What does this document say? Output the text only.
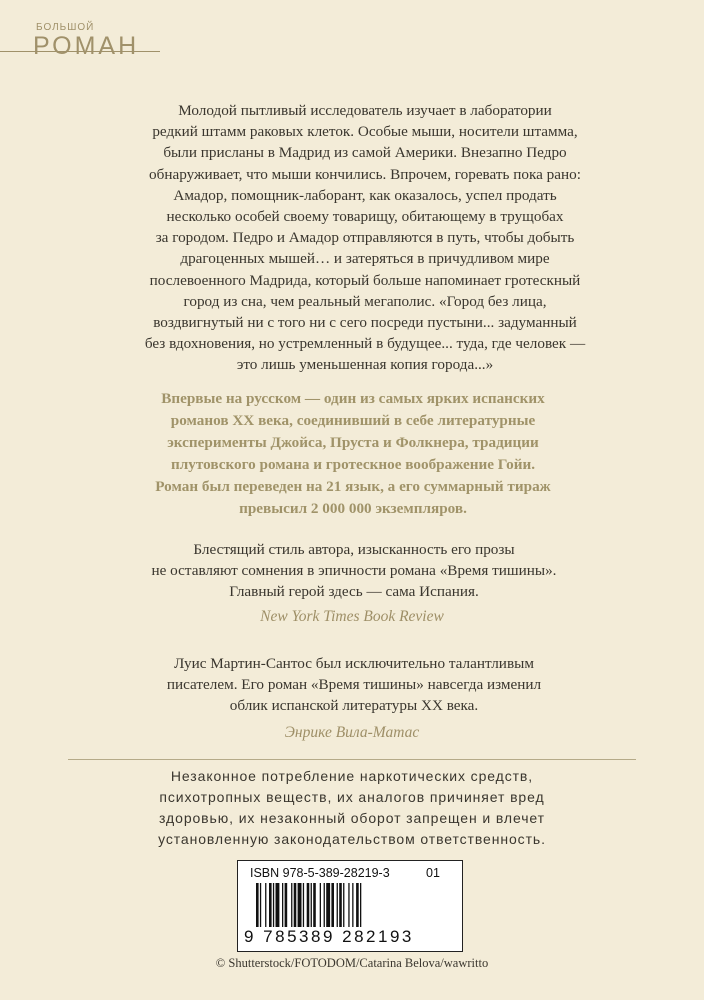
БОЛЬШОЙ
РОМАН

Молодой пытливый исследователь изучает в лаборатории
редкий штамм раковых клеток. Особые мыши, носители штамма,
были присланы в Мадрид из самой Америки. Внезапно Педро
обнаруживает, что мыши кончились. Впрочем, горевать пока рано:
Амадор, помощник-лаборант, как оказалось, успел продать
несколько особей своему товарищу, обитающему в трущобах
за городом. Педро и Амадор отправляются в путь, чтобы добыть
драгоценных мышей… и затеряться в причудливом мире
послевоенного Мадрида, который больше напоминает гротескный
город из сна, чем реальный мегаполис. «Город без лица,
воздвигнутый ни с того ни с сего посреди пустыни... задуманный
без вдохновения, но устремленный в будущее... туда, где человек —
это лишь уменьшенная копия города...»

Впервые на русском — один из самых ярких испанских
романов XX века, соединивший в себе литературные
эксперименты Джойса, Пруста и Фолкнера, традиции
плутовского романа и гротескное воображение Гойи.
Роман был переведен на 21 язык, а его суммарный тираж
превысил 2 000 000 экземпляров.

Блестящий стиль автора, изысканность его прозы
не оставляют сомнения в эпичности романа «Время тишины».
Главный герой здесь — сама Испания.

New York Times Book Review

Луис Мартин-Сантос был исключительно талантливым
писателем. Его роман «Время тишины» навсегда изменил
облик испанской литературы XX века.

Энрике Вила-Матас

Незаконное потребление наркотических средств,
психотропных веществ, их аналогов причиняет вред
здоровью, их незаконный оборот запрещен и влечет
установленную законодательством ответственность.

ISBN 978-5-389-28219-3	01
9 785389 282193
© Shutterstock/FOTODOM/Catarina Belova/wawritto
